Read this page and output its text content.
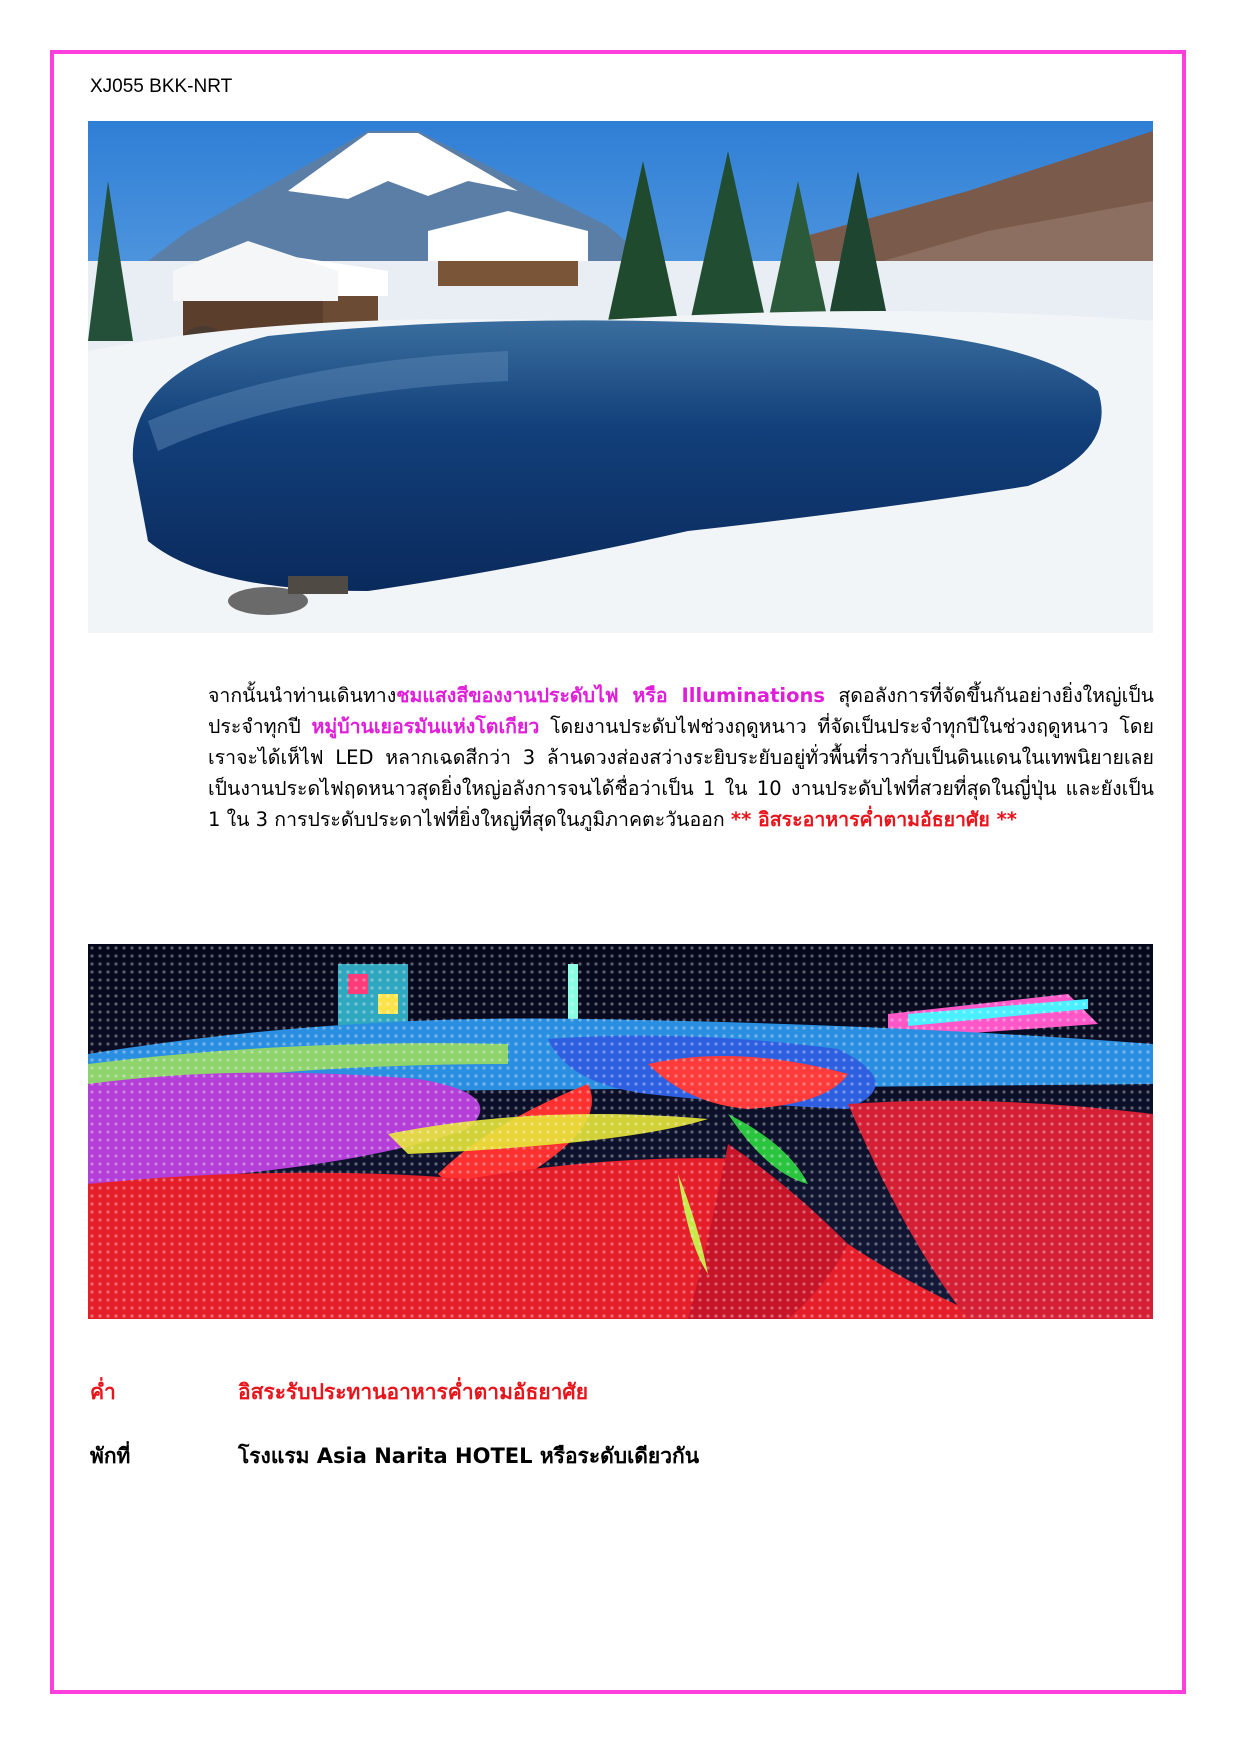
XJ055 BKK-NRT
จากนั้นนำท่านเดินทางชมแสงสีของงานประดับไฟ หรือ Illuminations สุดอลังการที่จัดขึ้นกันอย่างยิ่งใหญ่เป็นประจำทุกปี หมู่บ้านเยอรมันแห่งโตเกียว โดยงานประดับไฟช่วงฤดูหนาว ที่จัดเป็นประจำทุกปีในช่วงฤดูหนาว โดยเราจะได้เห็ไฟ LED หลากเฉดสีกว่า 3 ล้านดวงส่องสว่างระยิบระยับอยู่ทั่วพื้นที่ราวกับเป็นดินแดนในเทพนิยายเลยเป็นงานประดไฟฤดหนาวสุดยิ่งใหญ่อลังการจนได้ชื่อว่าเป็น 1 ใน 10 งานประดับไฟที่สวยที่สุดในญี่ปุ่น และยังเป็น 1 ใน 3 การประดับประดาไฟที่ยิ่งใหญ่ที่สุดในภูมิภาคตะวันออก ** อิสระอาหารค่ำตามอัธยาศัย **
ค่ำ	อิสระรับประทานอาหารค่ำตามอัธยาศัย
พักที่	โรงแรม Asia Narita HOTEL หรือระดับเดียวกัน
